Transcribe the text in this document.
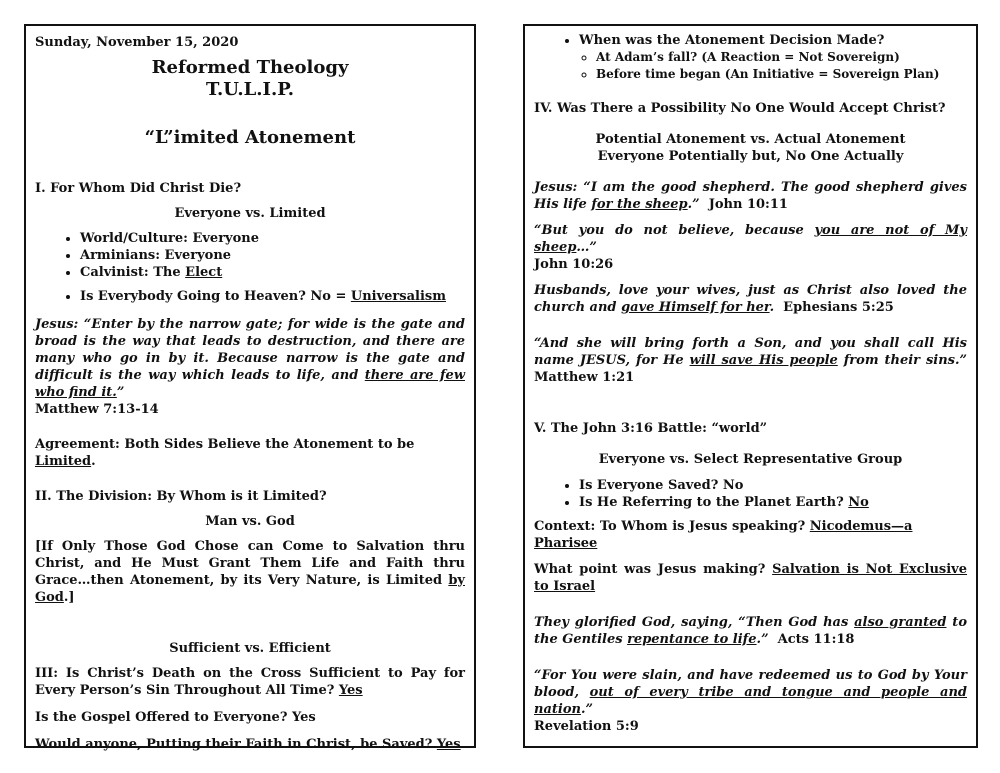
Sunday, November 15, 2020

Reformed Theology

T.U.L.I.P.

“L”imited Atonement

I. For Whom Did Christ Die?

Everyone vs. Limited

• World/Culture: Everyone
• Arminians: Everyone
• Calvinist: The Elect
• Is Everybody Going to Heaven? No = Universalism

Jesus: “Enter by the narrow gate; for wide is the gate and broad is the way that leads to destruction, and there are many who go in by it. Because narrow is the gate and difficult is the way which leads to life, and there are few who find it.”

Matthew 7:13-14

Agreement: Both Sides Believe the Atonement to be Limited.

II. The Division: By Whom is it Limited?

Man vs. God

[If Only Those God Chose can Come to Salvation thru Christ, and He Must Grant Them Life and Faith thru Grace…then Atonement, by its Very Nature, is Limited by God.]

Sufficient vs. Efficient

III: Is Christ’s Death on the Cross Sufficient to Pay for Every Person’s Sin Throughout All Time? Yes

Is the Gospel Offered to Everyone? Yes

Would anyone, Putting their Faith in Christ, be Saved? Yes

• When was the Atonement Decision Made?
◦ At Adam’s fall? (A Reaction = Not Sovereign)
◦ Before time began (An Initiative = Sovereign Plan)

IV. Was There a Possibility No One Would Accept Christ?

Potential Atonement vs. Actual Atonement

Everyone Potentially but, No One Actually

Jesus: “I am the good shepherd. The good shepherd gives His life for the sheep.” John 10:11

“But you do not believe, because you are not of My sheep…”

John 10:26

Husbands, love your wives, just as Christ also loved the church and gave Himself for her. Ephesians 5:25

“And she will bring forth a Son, and you shall call His name JESUS, for He will save His people from their sins.” Matthew 1:21

V. The John 3:16 Battle: “world”

Everyone vs. Select Representative Group

• Is Everyone Saved? No
• Is He Referring to the Planet Earth? No

Context: To Whom is Jesus speaking? Nicodemus—a Pharisee

What point was Jesus making? Salvation is Not Exclusive to Israel

They glorified God, saying, “Then God has also granted to the Gentiles repentance to life.” Acts 11:18

“For You were slain, and have redeemed us to God by Your blood, out of every tribe and tongue and people and nation.”

Revelation 5:9
